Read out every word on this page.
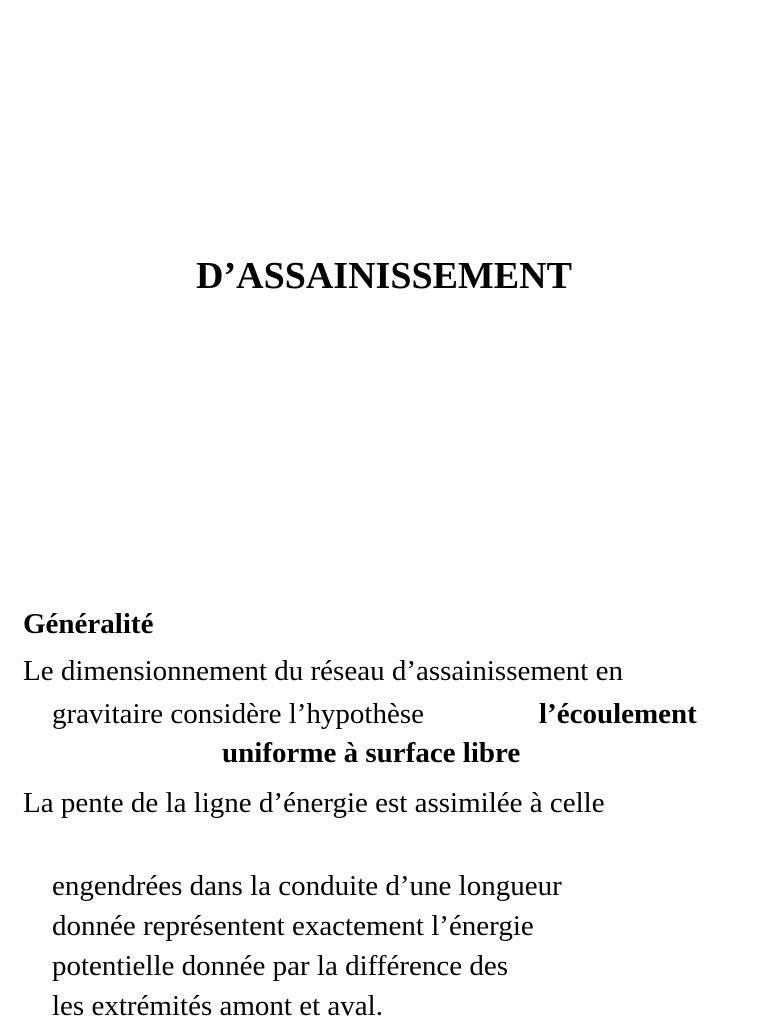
D’ASSAINISSEMENT
Généralité
Le dimensionnement du réseau d’assainissement en
gravitaire considère l’hypothèse	l’écoulement
uniforme à surface libre
La pente de la ligne d’énergie est assimilée à celle
engendrées dans la conduite d’une longueur
donnée représentent exactement l’énergie
potentielle donnée par la différence des
les extrémités amont et aval.
